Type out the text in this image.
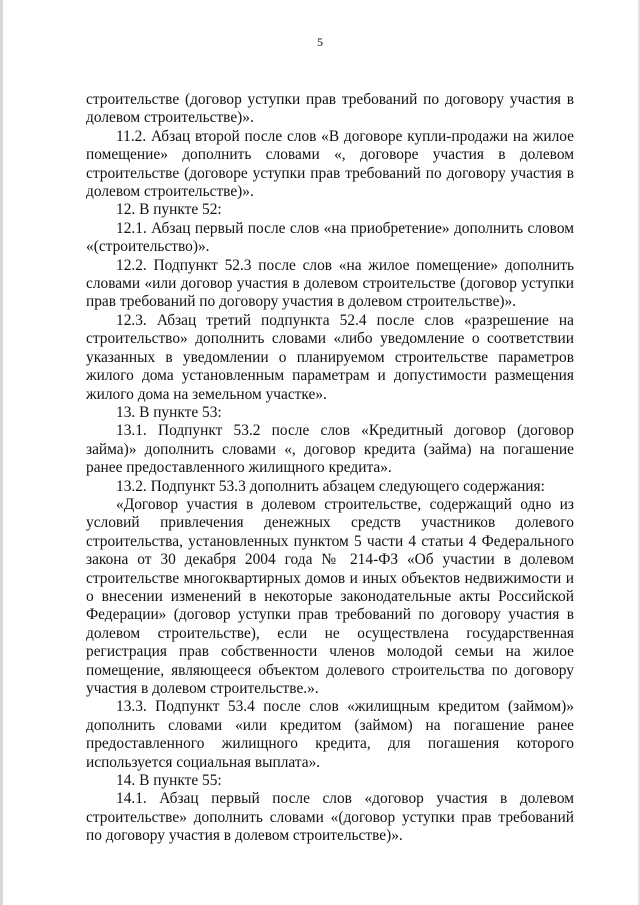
5

строительстве (договор уступки прав требований по договору участия в долевом строительстве)».

11.2. Абзац второй после слов «В договоре купли-продажи на жилое помещение» дополнить словами «, договоре участия в долевом строительстве (договоре уступки прав требований по договору участия в долевом строительстве)».

12. В пункте 52:

12.1. Абзац первый после слов «на приобретение» дополнить словом «(строительство)».

12.2. Подпункт 52.3 после слов «на жилое помещение» дополнить словами «или договор участия в долевом строительстве (договор уступки прав требований по договору участия в долевом строительстве)».

12.3. Абзац третий подпункта 52.4 после слов «разрешение на строительство» дополнить словами «либо уведомление о соответствии указанных в уведомлении о планируемом строительстве параметров жилого дома установленным параметрам и допустимости размещения жилого дома на земельном участке».

13. В пункте 53:

13.1. Подпункт 53.2 после слов «Кредитный договор (договор займа)» дополнить словами «, договор кредита (займа) на погашение ранее предоставленного жилищного кредита».

13.2. Подпункт 53.3 дополнить абзацем следующего содержания:

«Договор участия в долевом строительстве, содержащий одно из условий привлечения денежных средств участников долевого строительства, установленных пунктом 5 части 4 статьи 4 Федерального закона от 30 декабря 2004 года № 214-ФЗ «Об участии в долевом строительстве многоквартирных домов и иных объектов недвижимости и о внесении изменений в некоторые законодательные акты Российской Федерации» (договор уступки прав требований по договору участия в долевом строительстве), если не осуществлена государственная регистрация прав собственности членов молодой семьи на жилое помещение, являющееся объектом долевого строительства по договору участия в долевом строительстве.».

13.3. Подпункт 53.4 после слов «жилищным кредитом (займом)» дополнить словами «или кредитом (займом) на погашение ранее предоставленного жилищного кредита, для погашения которого используется социальная выплата».

14. В пункте 55:

14.1. Абзац первый после слов «договор участия в долевом строительстве» дополнить словами «(договор уступки прав требований по договору участия в долевом строительстве)».
